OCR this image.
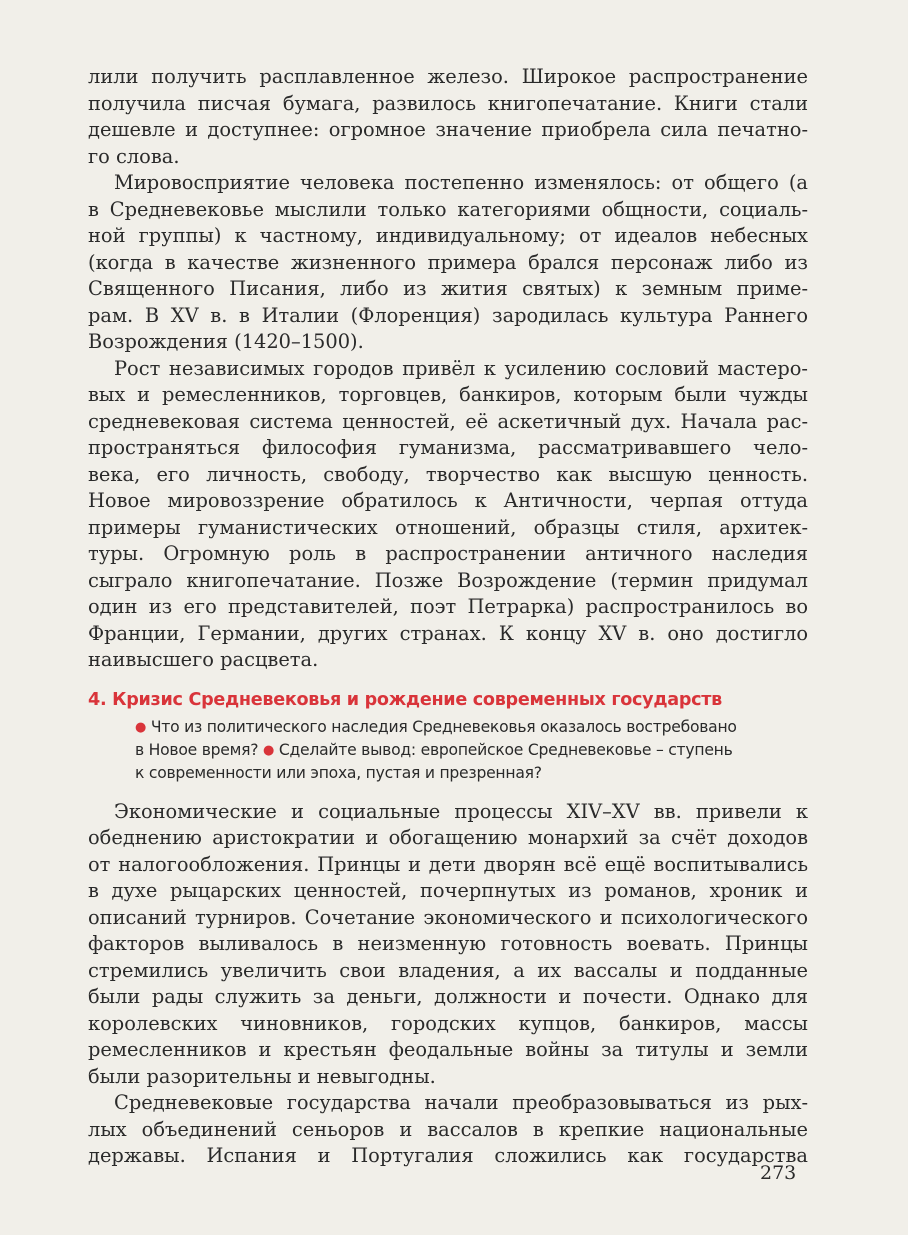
лили получить расплавленное железо. Широкое распространение
получила писчая бумага, развилось книгопечатание. Книги стали
дешевле и доступнее: огромное значение приобрела сила печатно-
го слова.

Мировосприятие человека постепенно изменялось: от общего (а
в Средневековье мыслили только категориями общности, социаль-
ной группы) к частному, индивидуальному; от идеалов небесных
(когда в качестве жизненного примера брался персонаж либо из
Священного Писания, либо из жития святых) к земным приме-
рам. В XV в. в Италии (Флоренция) зародилась культура Раннего
Возрождения (1420–1500).

Рост независимых городов привёл к усилению сословий мастеро-
вых и ремесленников, торговцев, банкиров, которым были чужды
средневековая система ценностей, её аскетичный дух. Начала рас-
пространяться философия гуманизма, рассматривавшего чело-
века, его личность, свободу, творчество как высшую ценность.
Новое мировоззрение обратилось к Античности, черпая оттуда
примеры гуманистических отношений, образцы стиля, архитек-
туры. Огромную роль в распространении античного наследия
сыграло книгопечатание. Позже Возрождение (термин придумал
один из его представителей, поэт Петрарка) распространилось во
Франции, Германии, других странах. К концу XV в. оно достигло
наивысшего расцвета.

4. Кризис Средневековья и рождение современных государств
● Что из политического наследия Средневековья оказалось востребовано
в Новое время? ● Сделайте вывод: европейское Средневековье – ступень
к современности или эпоха, пустая и презренная?

Экономические и социальные процессы XIV–XV вв. привели к
обеднению аристократии и обогащению монархий за счёт доходов
от налогообложения. Принцы и дети дворян всё ещё воспитывались
в духе рыцарских ценностей, почерпнутых из романов, хроник и
описаний турниров. Сочетание экономического и психологического
факторов выливалось в неизменную готовность воевать. Принцы
стремились увеличить свои владения, а их вассалы и подданные
были рады служить за деньги, должности и почести. Однако для
королевских чиновников, городских купцов, банкиров, массы
ремесленников и крестьян феодальные войны за титулы и земли
были разорительны и невыгодны.

Средневековые государства начали преобразовываться из рых-
лых объединений сеньоров и вассалов в крепкие национальные
державы. Испания и Португалия сложились как государства

273
